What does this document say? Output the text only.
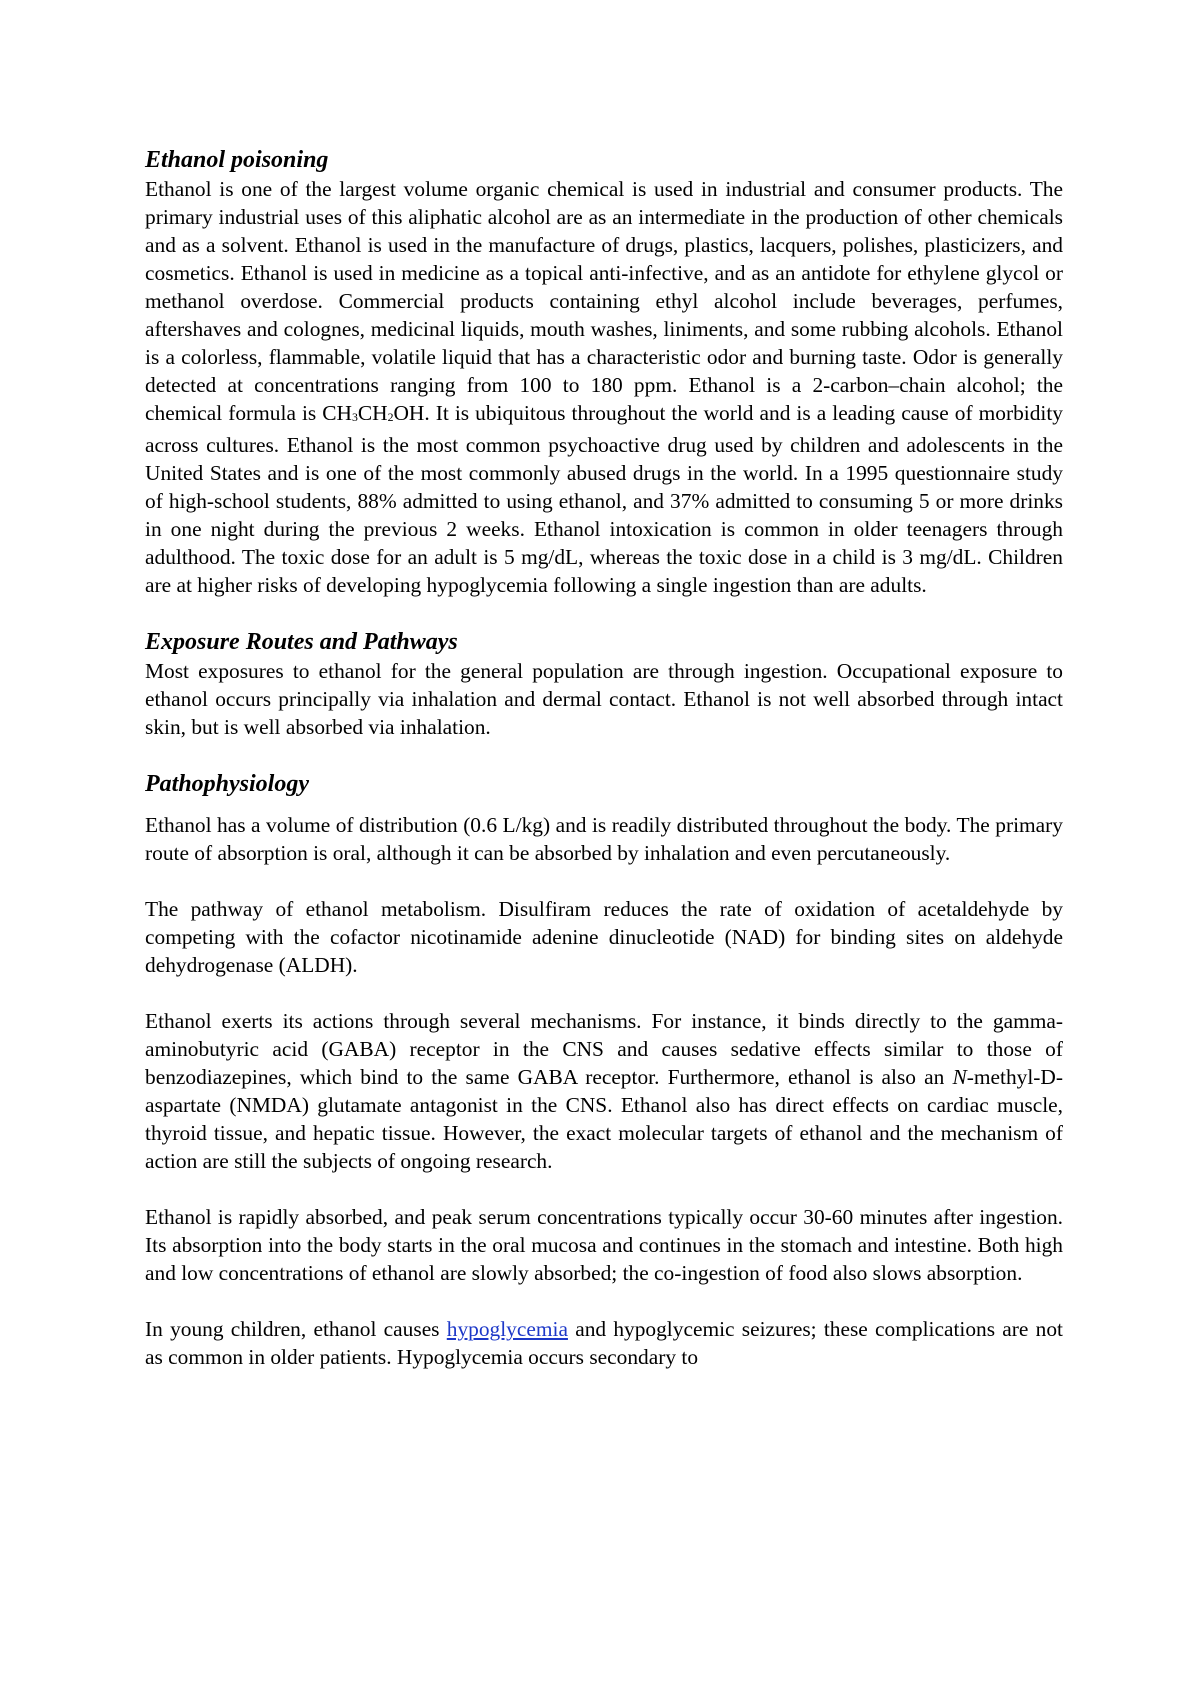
Ethanol poisoning

Ethanol is one of the largest volume organic chemical is used in industrial and consumer products. The primary industrial uses of this aliphatic alcohol are as an intermediate in the production of other chemicals and as a solvent. Ethanol is used in the manufacture of drugs, plastics, lacquers, polishes, plasticizers, and cosmetics. Ethanol is used in medicine as a topical anti-infective, and as an antidote for ethylene glycol or methanol overdose. Commercial products containing ethyl alcohol include beverages, perfumes, aftershaves and colognes, medicinal liquids, mouth washes, liniments, and some rubbing alcohols. Ethanol is a colorless, flammable, volatile liquid that has a characteristic odor and burning taste. Odor is generally detected at concentrations ranging from 100 to 180 ppm. Ethanol is a 2-carbon–chain alcohol; the chemical formula is $CH_3CH_2OH$. It is ubiquitous throughout the world and is a leading cause of morbidity across cultures. Ethanol is the most common psychoactive drug used by children and adolescents in the United States and is one of the most commonly abused drugs in the world. In a 1995 questionnaire study of high-school students, 88% admitted to using ethanol, and 37% admitted to consuming 5 or more drinks in one night during the previous 2 weeks. Ethanol intoxication is common in older teenagers through adulthood. The toxic dose for an adult is 5 mg/dL, whereas the toxic dose in a child is 3 mg/dL. Children are at higher risks of developing hypoglycemia following a single ingestion than are adults.

Exposure Routes and Pathways

Most exposures to ethanol for the general population are through ingestion. Occupational exposure to ethanol occurs principally via inhalation and dermal contact. Ethanol is not well absorbed through intact skin, but is well absorbed via inhalation.

Pathophysiology

Ethanol has a volume of distribution (0.6 L/kg) and is readily distributed throughout the body. The primary route of absorption is oral, although it can be absorbed by inhalation and even percutaneously.

The pathway of ethanol metabolism. Disulfiram reduces the rate of oxidation of acetaldehyde by competing with the cofactor nicotinamide adenine dinucleotide (NAD) for binding sites on aldehyde dehydrogenase (ALDH).

Ethanol exerts its actions through several mechanisms. For instance, it binds directly to the gamma-aminobutyric acid (GABA) receptor in the CNS and causes sedative effects similar to those of benzodiazepines, which bind to the same GABA receptor. Furthermore, ethanol is also an N-methyl-D-aspartate (NMDA) glutamate antagonist in the CNS. Ethanol also has direct effects on cardiac muscle, thyroid tissue, and hepatic tissue. However, the exact molecular targets of ethanol and the mechanism of action are still the subjects of ongoing research.

Ethanol is rapidly absorbed, and peak serum concentrations typically occur 30-60 minutes after ingestion. Its absorption into the body starts in the oral mucosa and continues in the stomach and intestine. Both high and low concentrations of ethanol are slowly absorbed; the co-ingestion of food also slows absorption.

In young children, ethanol causes hypoglycemia and hypoglycemic seizures; these complications are not as common in older patients. Hypoglycemia occurs secondary to
